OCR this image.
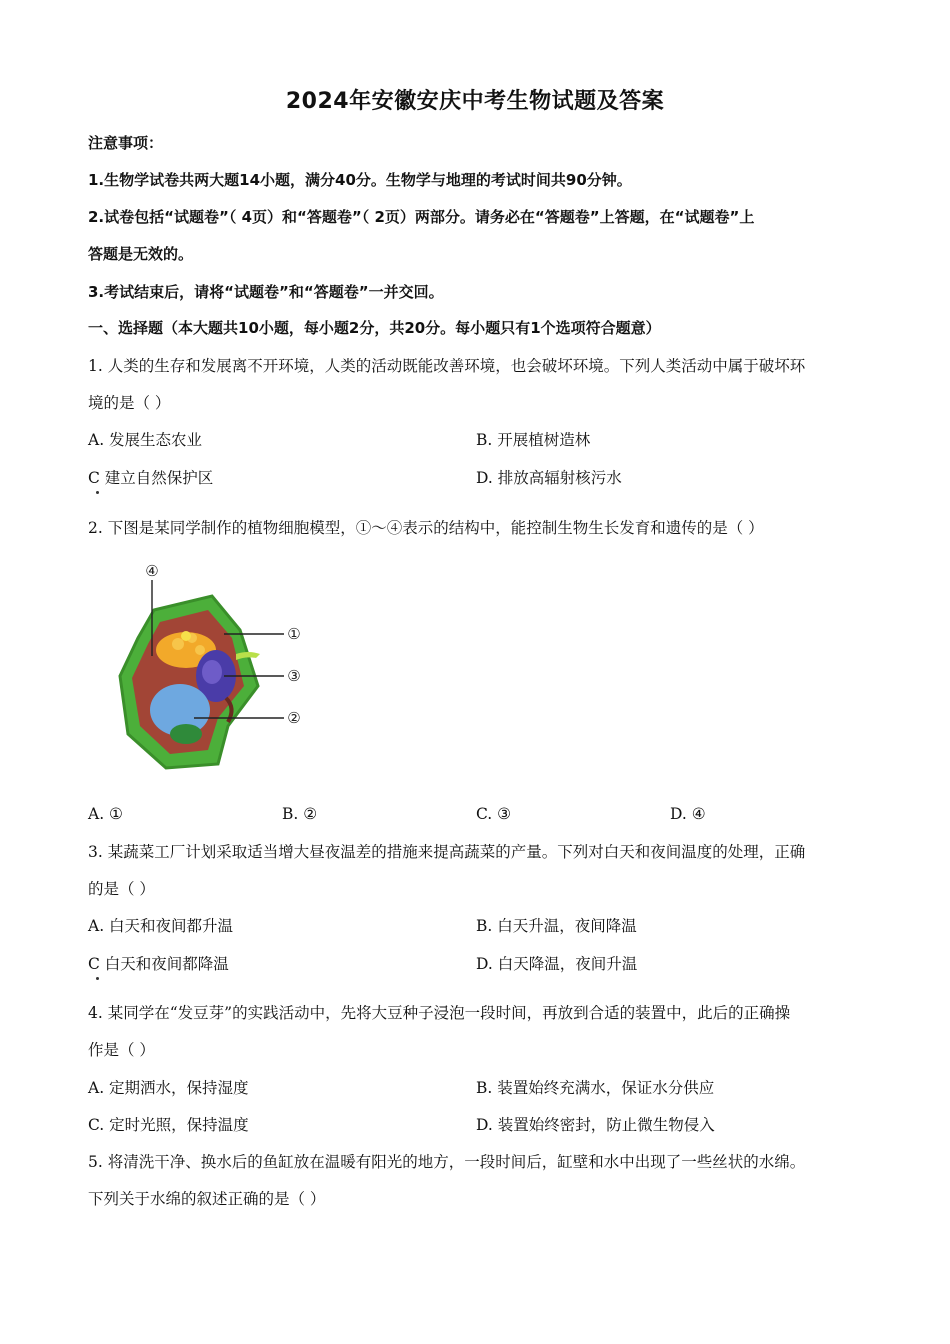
2024年安徽安庆中考生物试题及答案
注意事项：
1.生物学试卷共两大题14小题，满分40分。生物学与地理的考试时间共90分钟。
2.试卷包括“试题卷”（ 4页）和“答题卷”（ 2页）两部分。请务必在“答题卷”上答题，在“试题卷”上
答题是无效的。
3.考试结束后，请将“试题卷”和“答题卷”一并交回。
一、选择题（本大题共10小题，每小题2分，共20分。每小题只有1个选项符合题意）
1. 人类的生存和发展离不开环境，人类的活动既能改善环境，也会破坏环境。下列人类活动中属于破坏环
境的是（ ）
A. 发展生态农业	B. 开展植树造林
C 建立自然保护区	D. 排放高辐射核污水
2. 下图是某同学制作的植物细胞模型，①～④表示的结构中，能控制生物生长发育和遗传的是（ ）
④
①
③
②
A. ①	B. ②	C. ③	D. ④
3. 某蔬菜工厂计划采取适当增大昼夜温差的措施来提高蔬菜的产量。下列对白天和夜间温度的处理，正确
的是（ ）
A. 白天和夜间都升温	B. 白天升温，夜间降温
C 白天和夜间都降温	D. 白天降温，夜间升温
4. 某同学在“发豆芽”的实践活动中，先将大豆种子浸泡一段时间，再放到合适的装置中，此后的正确操
作是（ ）
A. 定期洒水，保持湿度	B. 装置始终充满水，保证水分供应
C. 定时光照，保持温度	D. 装置始终密封，防止微生物侵入
5. 将清洗干净、换水后的鱼缸放在温暖有阳光的地方，一段时间后，缸壁和水中出现了一些丝状的水绵。
下列关于水绵的叙述正确的是（ ）
